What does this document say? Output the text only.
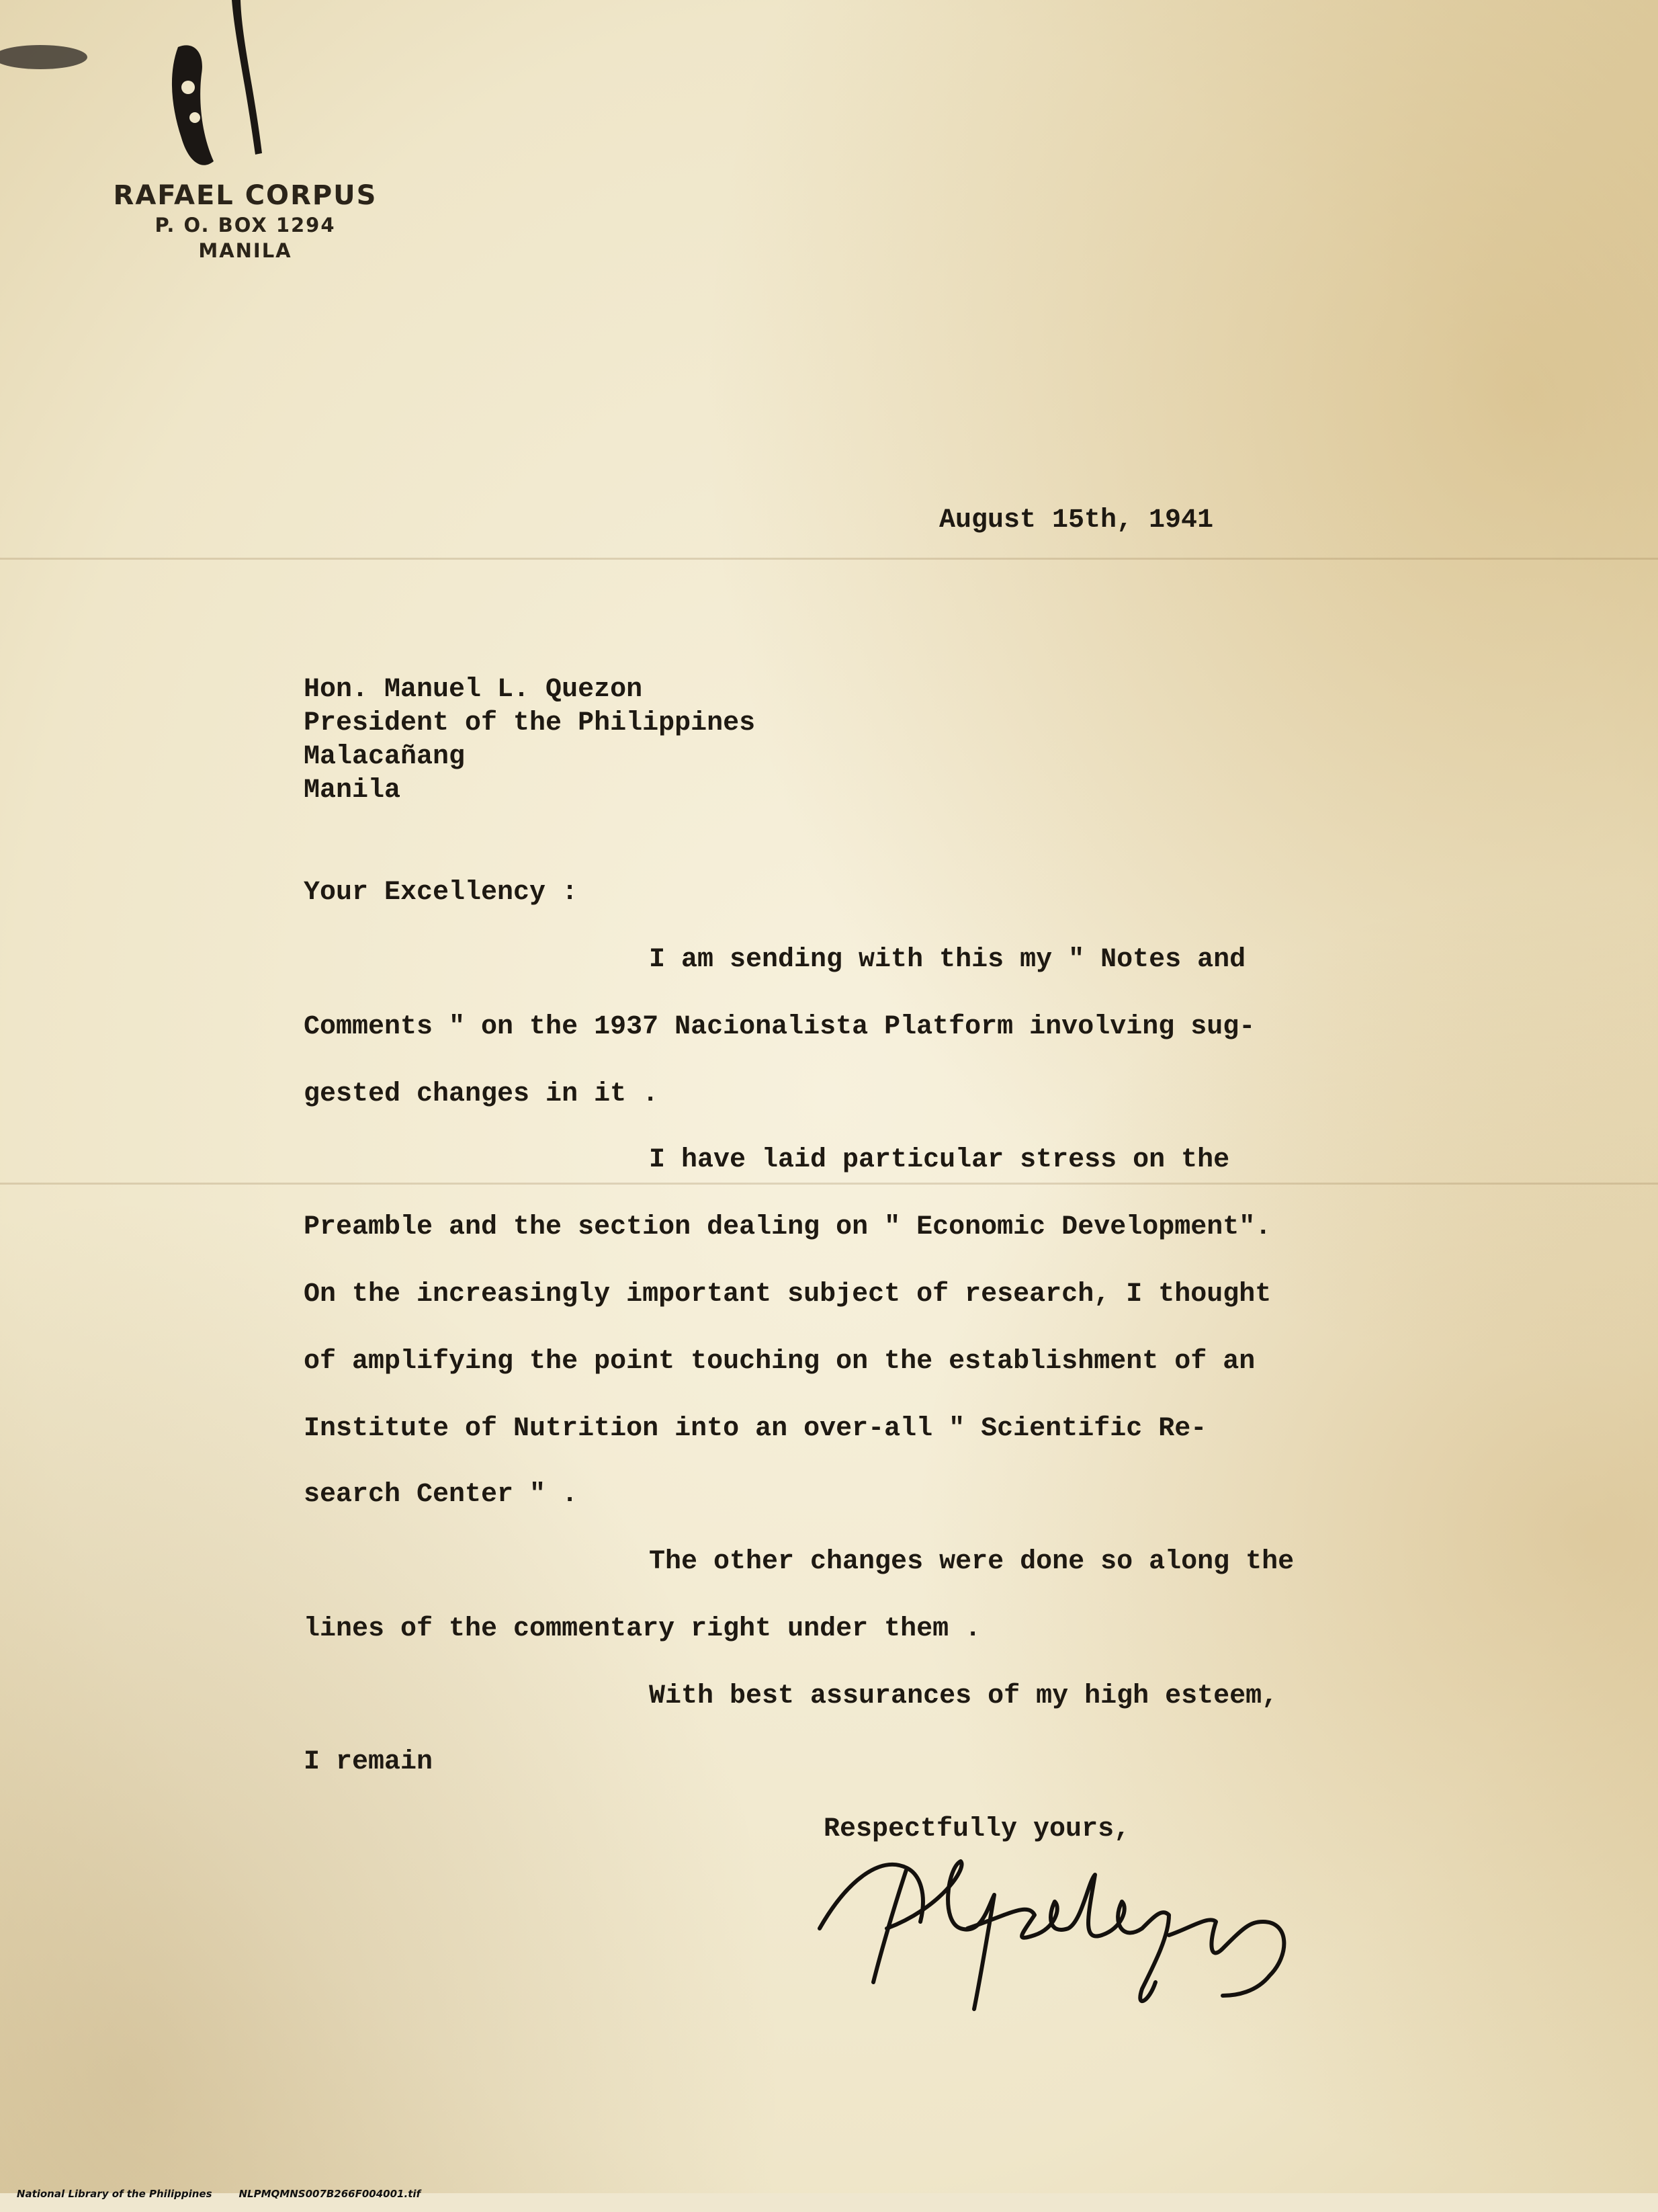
RAFAEL CORPUS

P. O. BOX 1294

MANILA

August 15th, 1941

Hon. Manuel L. Quezon

President of the Philippines

Malacañang

Manila

Your Excellency :

I am sending with this my " Notes and

Comments " on the 1937 Nacionalista Platform involving sug-

gested changes in it .

I have laid particular stress on the

Preamble and the section dealing on " Economic Development".

On the increasingly important subject of research, I thought

of amplifying the point touching on the establishment of an

Institute of Nutrition into an over-all " Scientific Re-

search Center " .

The other changes were done so along the

lines of the commentary right under them .

With best assurances of my high esteem,

I remain

Respectfully yours,

National Library of the Philippines	NLPMQMNS007B266F004001.tif
